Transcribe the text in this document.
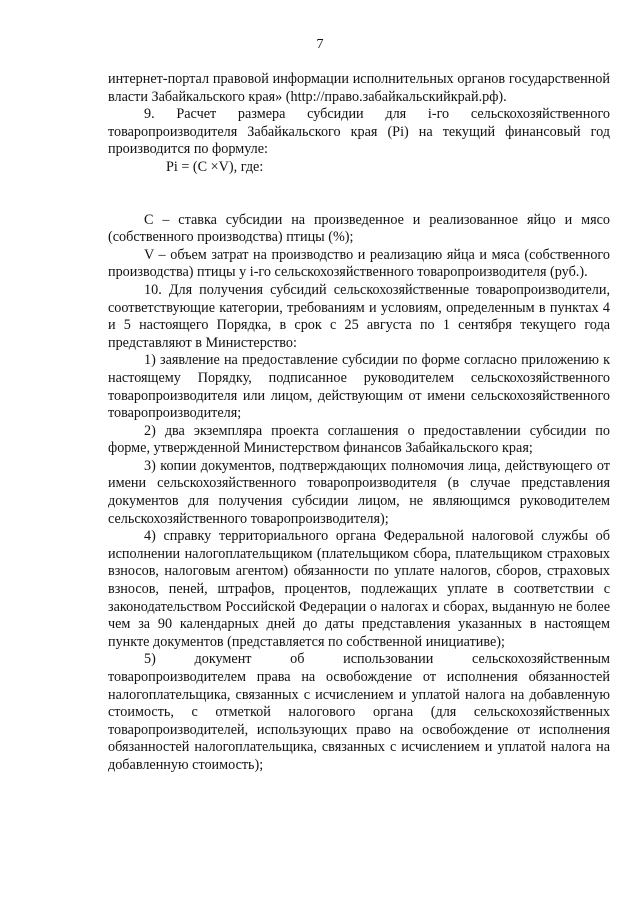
7

интернет-портал правовой информации исполнительных органов государственной власти Забайкальского края» (http://право.забайкальскийкрай.рф).

9. Расчет размера субсидии для i-го сельскохозяйственного товаропроизводителя Забайкальского края (Pi) на текущий финансовый год производится по формуле:

Pi = (С ×V), где:

С – ставка субсидии на произведенное и реализованное яйцо и мясо (собственного производства) птицы (%);

V – объем затрат на производство и реализацию яйца и мяса (собственного производства) птицы у i-го сельскохозяйственного товаропроизводителя (руб.).

10. Для получения субсидий сельскохозяйственные товаропроизводители, соответствующие категории, требованиям и условиям, определенным в пунктах 4 и 5 настоящего Порядка, в срок с 25 августа по 1 сентября текущего года представляют в Министерство:

1) заявление на предоставление субсидии по форме согласно приложению к настоящему Порядку, подписанное руководителем сельскохозяйственного товаропроизводителя или лицом, действующим от имени сельскохозяйственного товаропроизводителя;

2) два экземпляра проекта соглашения о предоставлении субсидии по форме, утвержденной Министерством финансов Забайкальского края;

3) копии документов, подтверждающих полномочия лица, действующего от имени сельскохозяйственного товаропроизводителя (в случае представления документов для получения субсидии лицом, не являющимся руководителем сельскохозяйственного товаропроизводителя);

4) справку территориального органа Федеральной налоговой службы об исполнении налогоплательщиком (плательщиком сбора, плательщиком страховых взносов, налоговым агентом) обязанности по уплате налогов, сборов, страховых взносов, пеней, штрафов, процентов, подлежащих уплате в соответствии с законодательством Российской Федерации о налогах и сборах, выданную не более чем за 90 календарных дней до даты представления указанных в настоящем пункте документов (представляется по собственной инициативе);

5) документ об использовании сельскохозяйственным товаропроизводителем права на освобождение от исполнения обязанностей налогоплательщика, связанных с исчислением и уплатой налога на добавленную стоимость, с отметкой налогового органа (для сельскохозяйственных товаропроизводителей, использующих право на освобождение от исполнения обязанностей налогоплательщика, связанных с исчислением и уплатой налога на добавленную стоимость);
